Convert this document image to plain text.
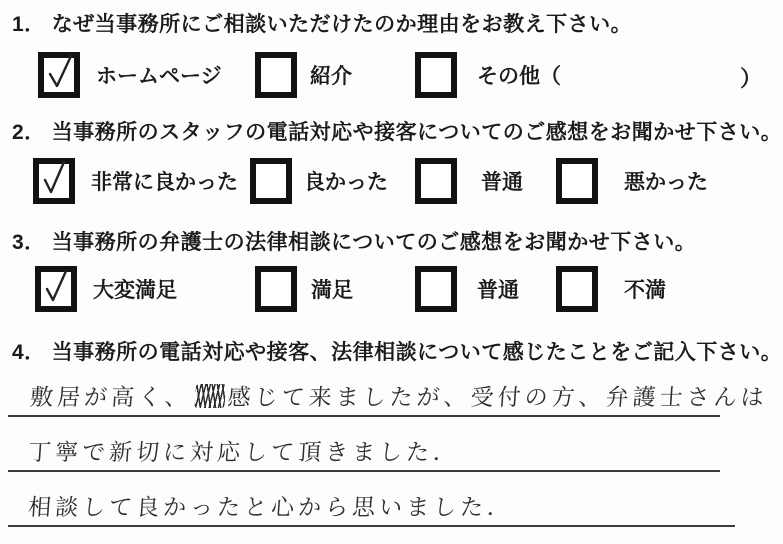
1． なぜ当事務所にご相談いただけたのか理由をお教え下さい。
ホームページ	紹介	その他（	）
2． 当事務所のスタッフの電話対応や接客についてのご感想をお聞かせ下さい。
非常に良かった	良かった	普通	悪かった
3． 当事務所の弁護士の法律相談についてのご感想をお聞かせ下さい。
大変満足	満足	普通	不満
4． 当事務所の電話対応や接客、法律相談について感じたことをご記入下さい。
敷居が高く、 感じて来ましたが、受付の方、弁護士さんは
丁寧で新切に対応して頂きました．
相談して良かったと心から思いました．
